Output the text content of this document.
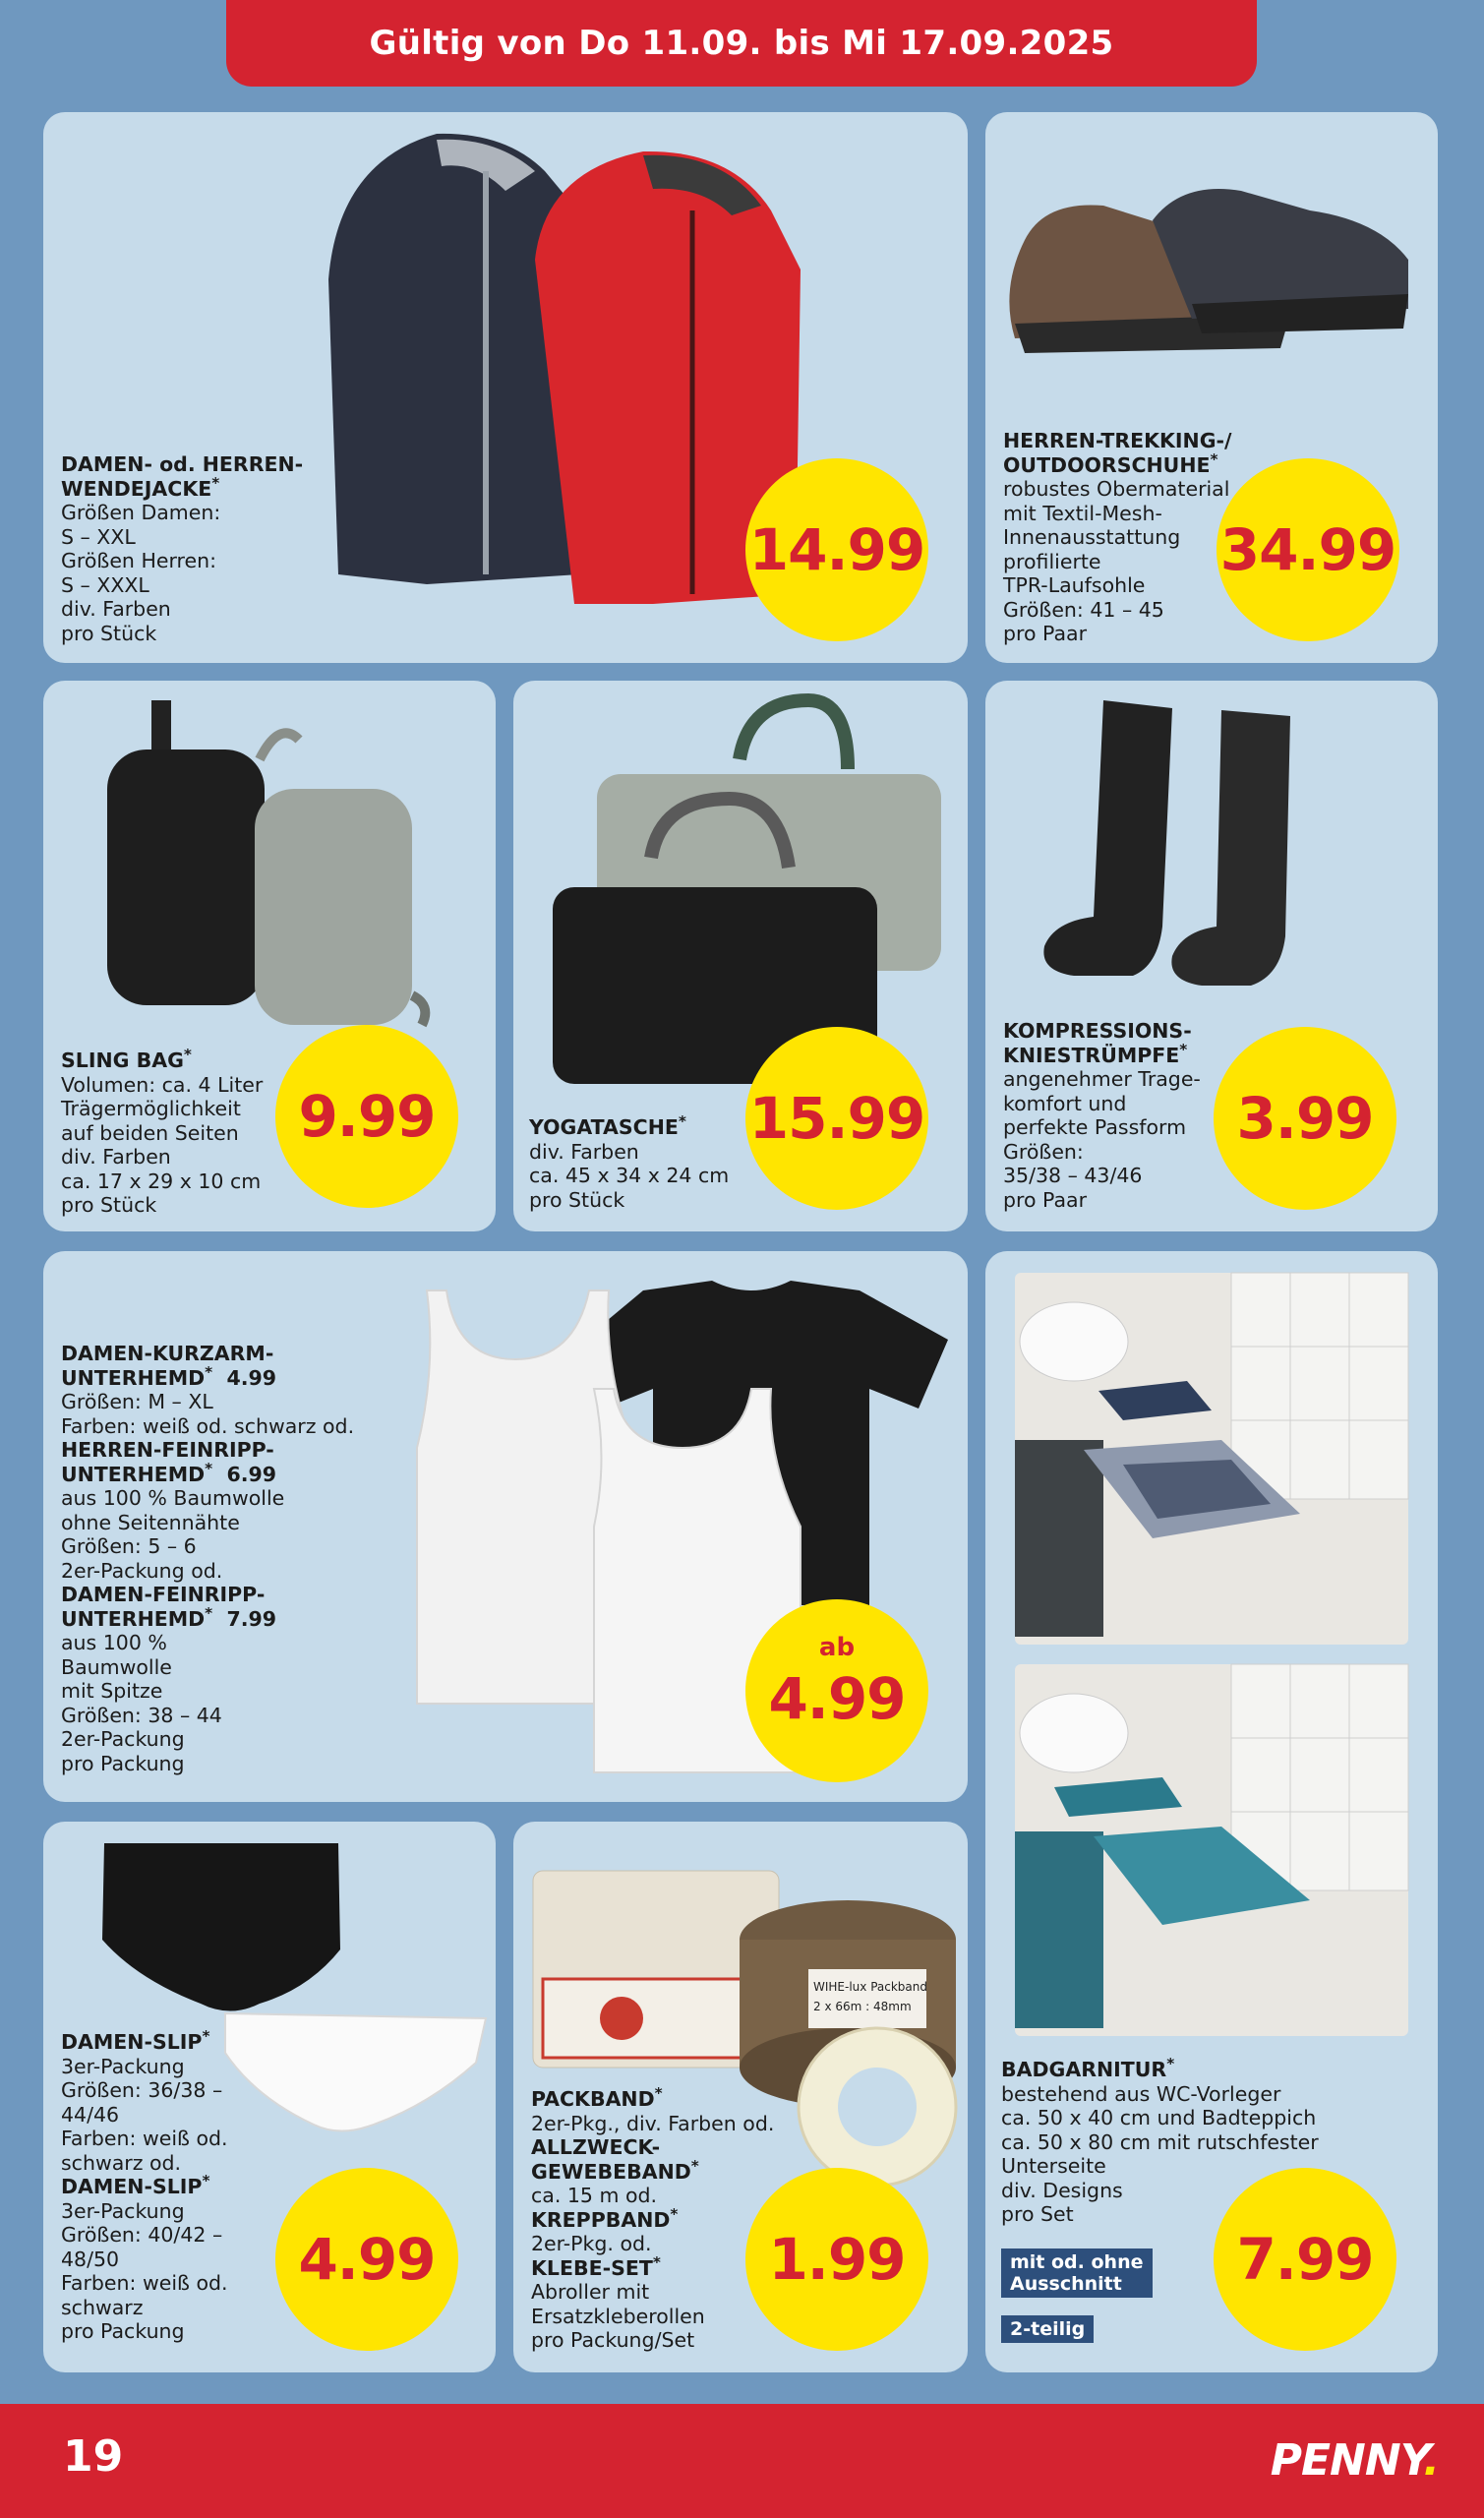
Gültig von Do 11.09. bis Mi 17.09.2025
DAMEN- od. HERREN-
WENDEJACKE*
Größen Damen:
S – XXL
Größen Herren:
S – XXXL
div. Farben
pro Stück
14.99
HERREN-TREKKING-/
OUTDOORSCHUHE*
robustes Obermaterial
mit Textil-Mesh-
Innenausstattung
profilierte
TPR-Laufsohle
Größen: 41 – 45
pro Paar
34.99
SLING BAG*
Volumen: ca. 4 Liter
Trägermöglichkeit
auf beiden Seiten
div. Farben
ca. 17 x 29 x 10 cm
pro Stück
9.99	YOGATASCHE*
div. Farben
ca. 45 x 34 x 24 cm
pro Stück
15.99
KOMPRESSIONS-
KNIESTRÜMPFE*
angenehmer Trage-
komfort und
perfekte Passform
Größen:
35/38 – 43/46
pro Paar
3.99
DAMEN-KURZARM-
UNTERHEMD* 4.99
Größen: M – XL
Farben: weiß od. schwarz od.
HERREN-FEINRIPP-
UNTERHEMD* 6.99
aus 100 % Baumwolle
ohne Seitennähte
Größen: 5 – 6
2er-Packung od.
DAMEN-FEINRIPP-
UNTERHEMD* 7.99
aus 100 %
Baumwolle
mit Spitze
Größen: 38 – 44
2er-Packung
pro Packung
ab
4.99
BADGARNITUR*
bestehend aus WC-Vorleger
ca. 50 x 40 cm und Badteppich
ca. 50 x 80 cm mit rutschfester
Unterseite
div. Designs
pro Set
mit od. ohne
Ausschnitt
2-teilig
7.99
DAMEN-SLIP*
3er-Packung
Größen: 36/38 –
44/46
Farben: weiß od.
schwarz od.
DAMEN-SLIP*
3er-Packung
Größen: 40/42 –
48/50
Farben: weiß od.
schwarz
pro Packung
4.99
WIHE-lux Packband
2 x 66m : 48mm
PACKBAND*
2er-Pkg., div. Farben od.
ALLZWECK-
GEWEBEBAND*
ca. 15 m od.
KREPPBAND*
2er-Pkg. od.
KLEBE-SET*
Abroller mit
Ersatzkleberollen
pro Packung/Set
1.99
19	PENNY.
